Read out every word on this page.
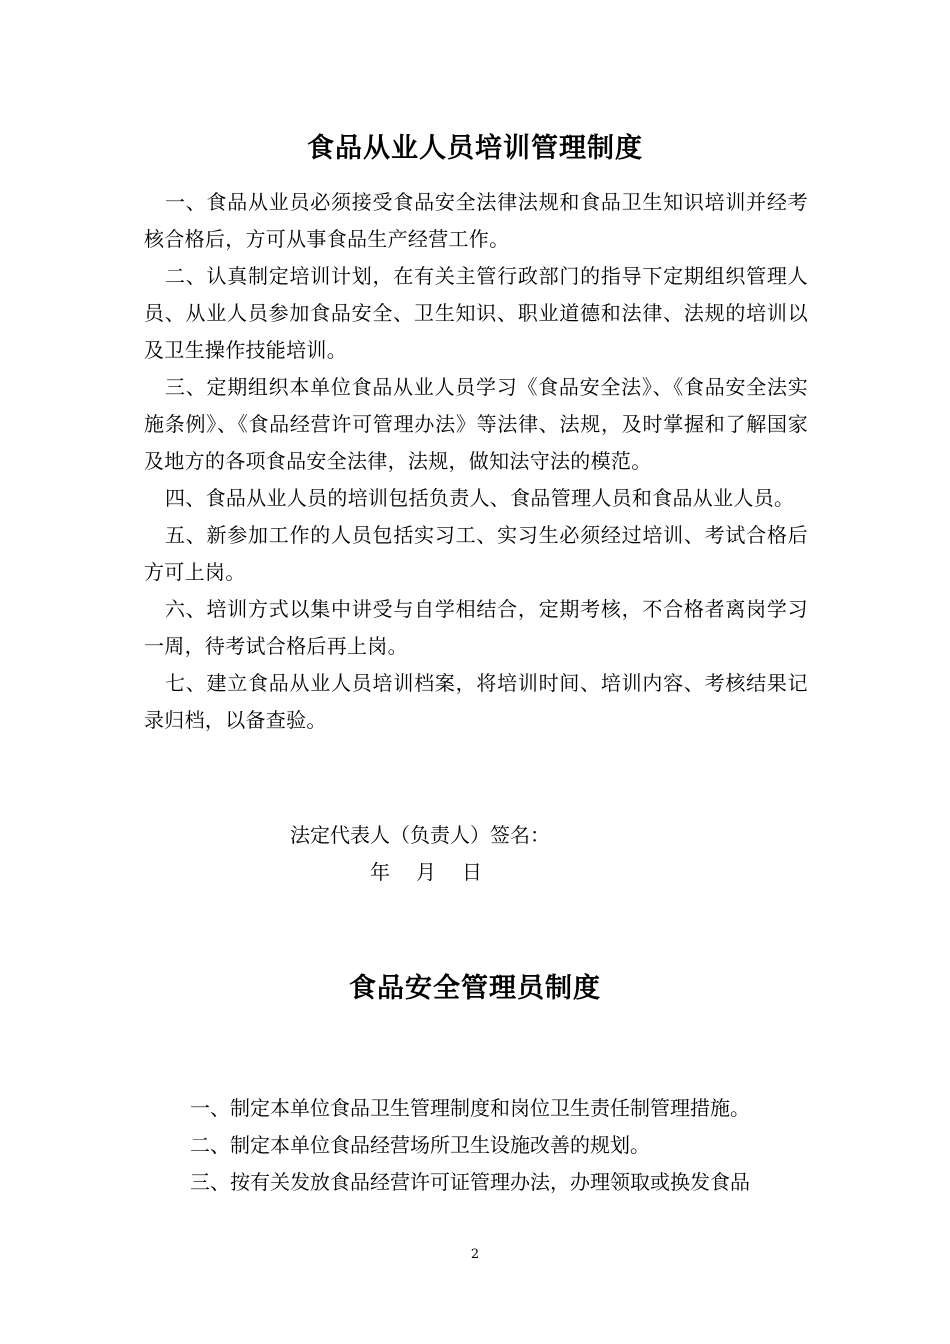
食品从业人员培训管理制度

一、食品从业员必须接受食品安全法律法规和食品卫生知识培训并经考核合格后，方可从事食品生产经营工作。

二、认真制定培训计划，在有关主管行政部门的指导下定期组织管理人员、从业人员参加食品安全、卫生知识、职业道德和法律、法规的培训以及卫生操作技能培训。

三、定期组织本单位食品从业人员学习《食品安全法》、《食品安全法实施条例》、《食品经营许可管理办法》等法律、法规，及时掌握和了解国家及地方的各项食品安全法律，法规，做知法守法的模范。

四、食品从业人员的培训包括负责人、食品管理人员和食品从业人员。

五、新参加工作的人员包括实习工、实习生必须经过培训、考试合格后方可上岗。

六、培训方式以集中讲受与自学相结合，定期考核，不合格者离岗学习一周，待考试合格后再上岗。

七、建立食品从业人员培训档案，将培训时间、培训内容、考核结果记录归档，以备查验。

法定代表人（负责人）签名：
年 月 日
食品安全管理员制度

一、制定本单位食品卫生管理制度和岗位卫生责任制管理措施。

二、制定本单位食品经营场所卫生设施改善的规划。

三、按有关发放食品经营许可证管理办法，办理领取或换发食品

2
